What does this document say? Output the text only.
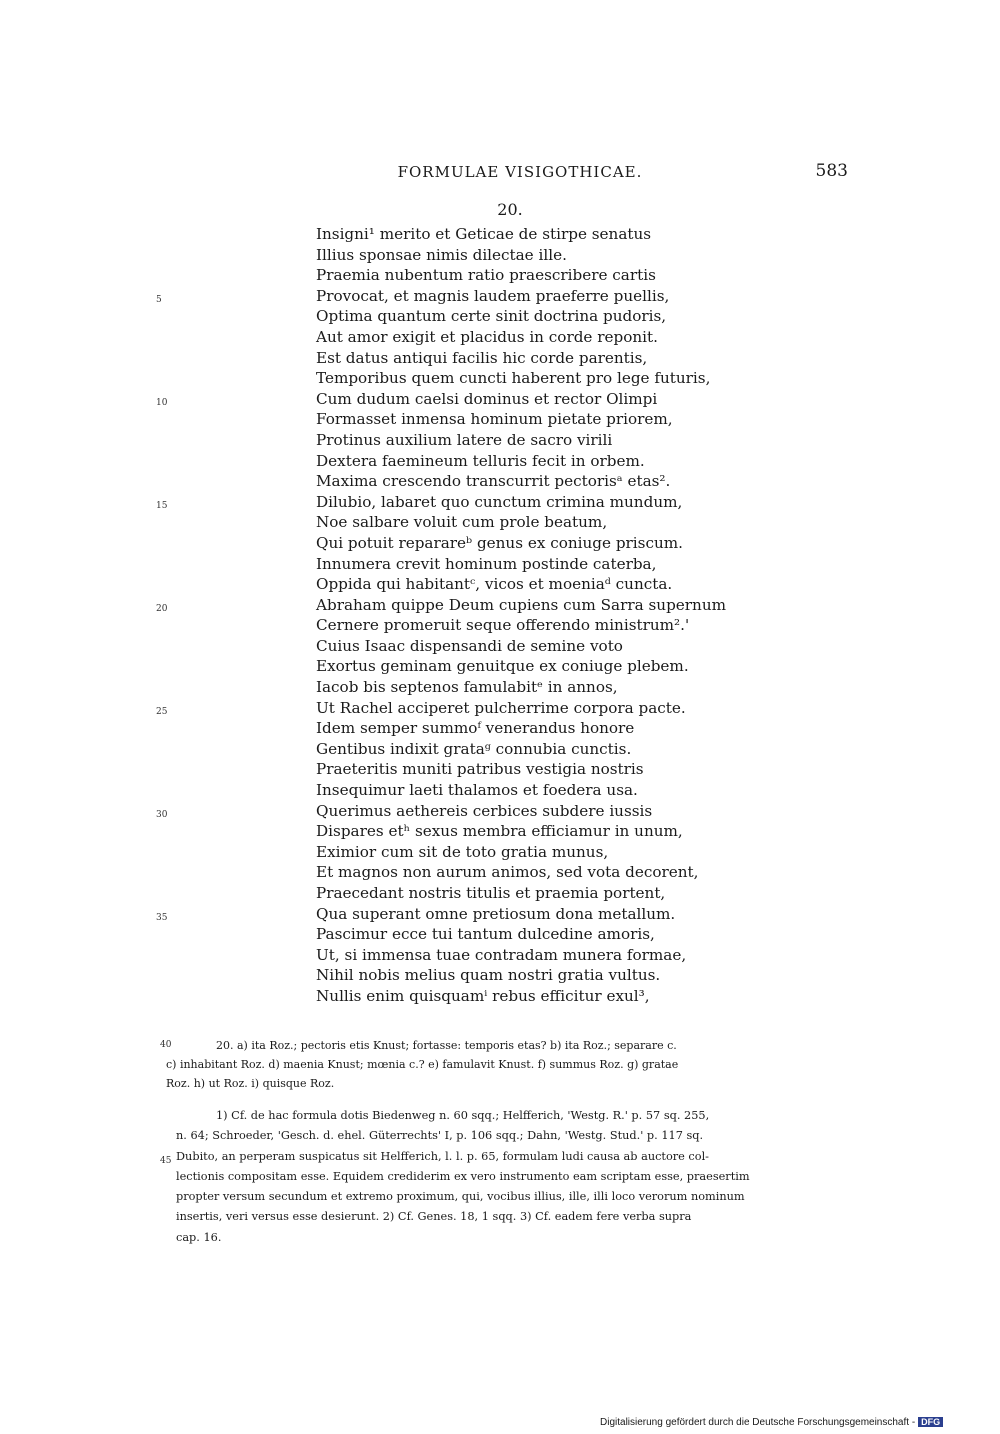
FORMULAE VISIGOTHICAE.	583
20.
Insigni¹ merito et Geticae de stirpe senatus
Illius sponsae nimis dilectae ille.
Praemia nubentum ratio praescribere cartis
5	Provocat, et magnis laudem praeferre puellis,
Optima quantum certe sinit doctrina pudoris,
Aut amor exigit et placidus in corde reponit.
Est datus antiqui facilis hic corde parentis,
Temporibus quem cuncti haberent pro lege futuris,
10	Cum dudum caelsi dominus et rector Olimpi
Formasset inmensa hominum pietate priorem,
Protinus auxilium latere de sacro virili
Dextera faemineum telluris fecit in orbem.
Maxima crescendo transcurrit pectorisᵃ etas².
15	Dilubio, labaret quo cunctum crimina mundum,
Noe salbare voluit cum prole beatum,
Qui potuit reparareᵇ genus ex coniuge priscum.
Innumera crevit hominum postinde caterba,
Oppida qui habitantᶜ, vicos et moeniaᵈ cuncta.
20	Abraham quippe Deum cupiens cum Sarra supernum
Cernere promeruit seque offerendo ministrum².'
Cuius Isaac dispensandi de semine voto
Exortus geminam genuitque ex coniuge plebem.
Iacob bis septenos famulabitᵉ in annos,
25	Ut Rachel acciperet pulcherrime corpora pacte.
Idem semper summoᶠ venerandus honore
Gentibus indixit grataᵍ connubia cunctis.
Praeteritis muniti patribus vestigia nostris
Insequimur laeti thalamos et foedera usa.
30	Querimus aethereis cerbices subdere iussis
Dispares etʰ sexus membra efficiamur in unum,
Eximior cum sit de toto gratia munus,
Et magnos non aurum animos, sed vota decorent,
Praecedant nostris titulis et praemia portent,
35	Qua superant omne pretiosum dona metallum.
Pascimur ecce tui tantum dulcedine amoris,
Ut, si immensa tuae contradam munera formae,
Nihil nobis melius quam nostri gratia vultus.
Nullis enim quisquamⁱ rebus efficitur exul³,
40	20. a) ita Roz.; pectoris etis Knust; fortasse: temporis etas? b) ita Roz.; separare c.

c) inhabitant Roz. d) maenia Knust; mœnia c.? e) famulavit Knust. f) summus Roz. g) gratae

Roz. h) ut Roz. i) quisque Roz.

45

1) Cf. de hac formula dotis Biedenweg n. 60 sqq.; Helfferich, 'Westg. R.' p. 57 sq. 255,

n. 64; Schroeder, 'Gesch. d. ehel. Güterrechts' I, p. 106 sqq.; Dahn, 'Westg. Stud.' p. 117 sq.

Dubito, an perperam suspicatus sit Helfferich, l. l. p. 65, formulam ludi causa ab auctore col-

lectionis compositam esse. Equidem crediderim ex vero instrumento eam scriptam esse, praesertim

propter versum secundum et extremo proximum, qui, vocibus illius, ille, illi loco verorum nominum

insertis, veri versus esse desierunt. 2) Cf. Genes. 18, 1 sqq. 3) Cf. eadem fere verba supra

cap. 16.

Digitalisierung gefördert durch die Deutsche Forschungsgemeinschaft - DFG
